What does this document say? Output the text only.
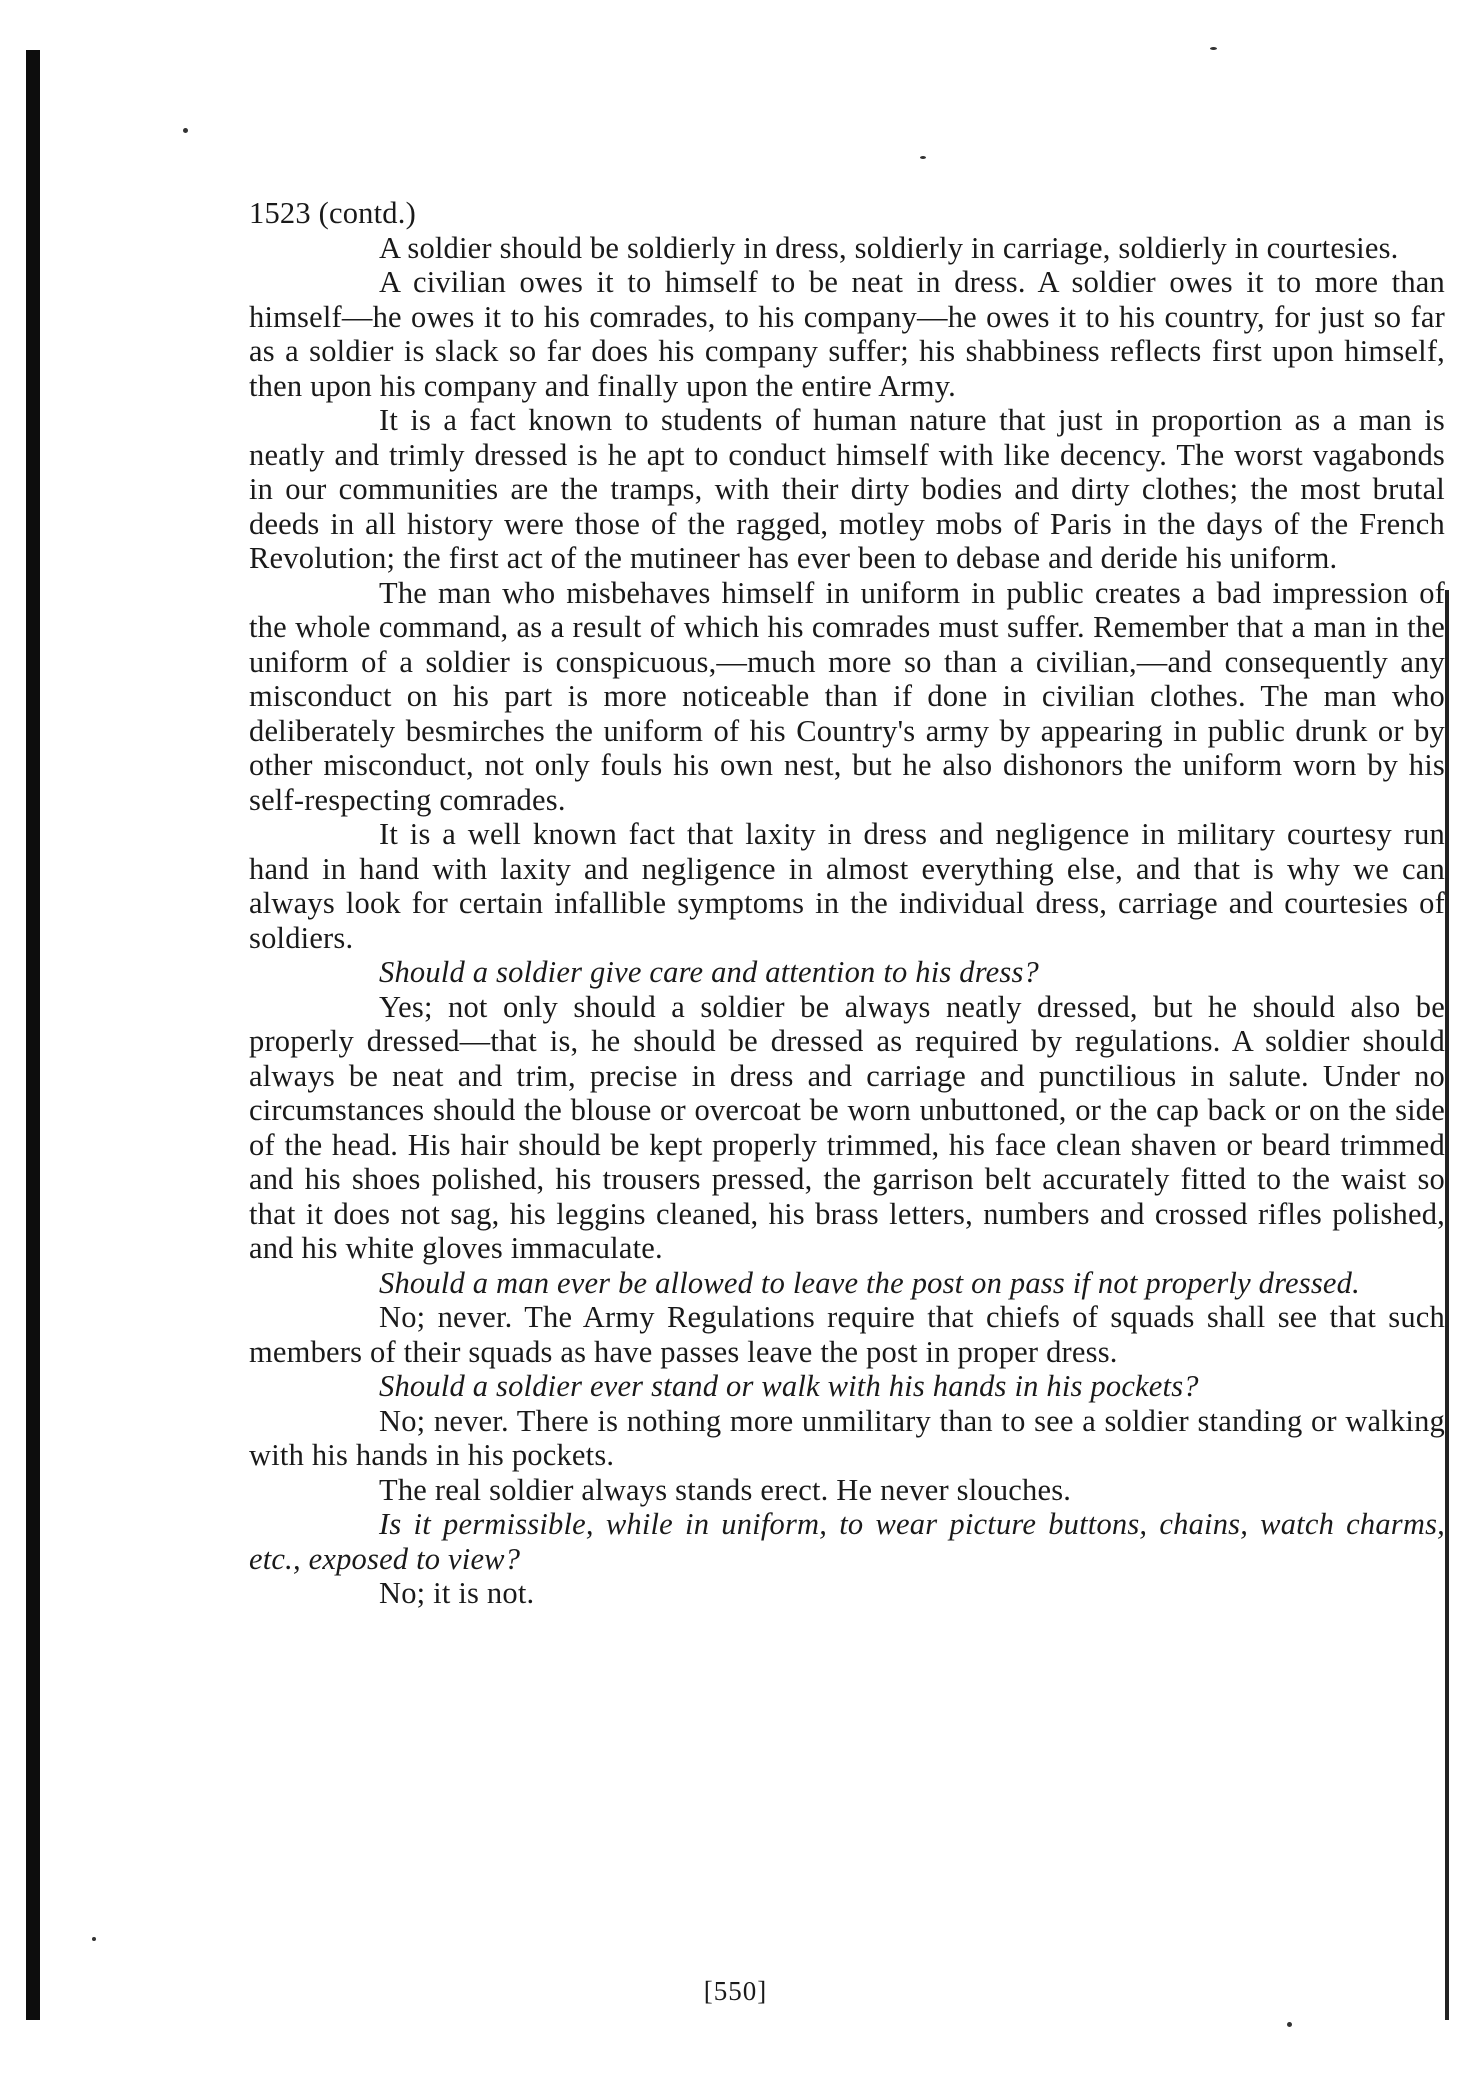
1523 (contd.)

A soldier should be soldierly in dress, soldierly in carriage, soldierly in courtesies.

A civilian owes it to himself to be neat in dress. A soldier owes it to more than himself—he owes it to his comrades, to his company—he owes it to his country, for just so far as a soldier is slack so far does his company suffer; his shabbiness reflects first upon himself, then upon his company and finally upon the entire Army.

It is a fact known to students of human nature that just in proportion as a man is neatly and trimly dressed is he apt to conduct himself with like decency. The worst vagabonds in our communities are the tramps, with their dirty bodies and dirty clothes; the most brutal deeds in all history were those of the ragged, motley mobs of Paris in the days of the French Revolution; the first act of the mutineer has ever been to debase and deride his uniform.

The man who misbehaves himself in uniform in public creates a bad impression of the whole command, as a result of which his comrades must suffer. Remember that a man in the uniform of a soldier is conspicuous,—much more so than a civilian,—and consequently any misconduct on his part is more noticeable than if done in civilian clothes. The man who deliberately besmirches the uniform of his Country's army by appearing in public drunk or by other misconduct, not only fouls his own nest, but he also dishonors the uniform worn by his self-respecting comrades.

It is a well known fact that laxity in dress and negligence in military courtesy run hand in hand with laxity and negligence in almost everything else, and that is why we can always look for certain infallible symptoms in the individual dress, carriage and courtesies of soldiers.

Should a soldier give care and attention to his dress?

Yes; not only should a soldier be always neatly dressed, but he should also be properly dressed—that is, he should be dressed as required by regulations. A soldier should always be neat and trim, precise in dress and carriage and punctilious in salute. Under no circumstances should the blouse or overcoat be worn unbuttoned, or the cap back or on the side of the head. His hair should be kept properly trimmed, his face clean shaven or beard trimmed and his shoes polished, his trousers pressed, the garrison belt accurately fitted to the waist so that it does not sag, his leggins cleaned, his brass letters, numbers and crossed rifles polished, and his white gloves immaculate.

Should a man ever be allowed to leave the post on pass if not properly dressed.

No; never. The Army Regulations require that chiefs of squads shall see that such members of their squads as have passes leave the post in proper dress.

Should a soldier ever stand or walk with his hands in his pockets?

No; never. There is nothing more unmilitary than to see a soldier standing or walking with his hands in his pockets.

The real soldier always stands erect. He never slouches.

Is it permissible, while in uniform, to wear picture buttons, chains, watch charms, etc., exposed to view?

No; it is not.

[550]
